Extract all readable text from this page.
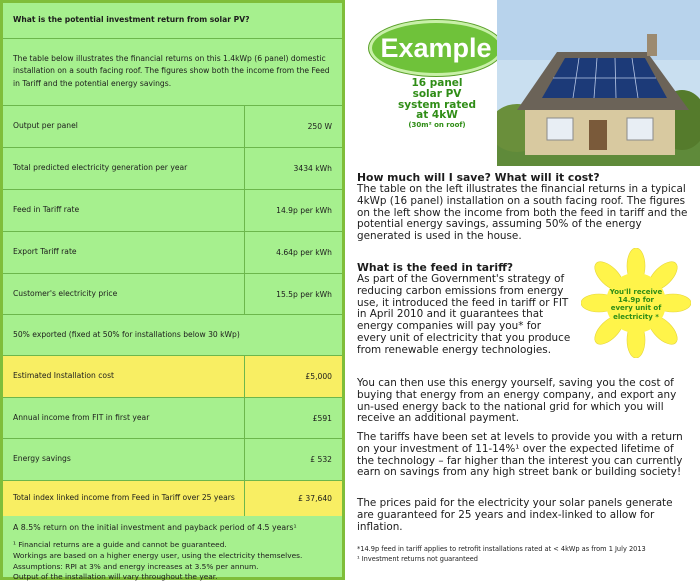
What is the potential investment return from solar PV?
The table below illustrates the financial returns on this 1.4kWp (6 panel) domestic installation on a south facing roof. The figures show both the income from the Feed in Tariff and the potential energy savings.
Output per panel	250 W
Total predicted electricity generation per year	3434 kWh
Feed in Tariff rate	14.9p per kWh
Export Tariff rate	4.64p per kWh
Customer's electricity price	15.5p per kWh
50% exported (fixed at 50% for installations below 30 kWp)
Estimated Installation cost	£5,000
Annual income from FIT in first year	£591
Energy savings	£ 532
Total index linked income from Feed in Tariff over 25 years	£ 37,640
A 8.5% return on the initial investment and payback period of 4.5 years¹
¹ Financial returns are a guide and cannot be guaranteed.
Workings are based on a higher energy user, using the electricity themselves.
Assumptions: RPI at 3% and energy increases at 3.5% per annum.
Output of the installation will vary throughout the year.
Example
16 panel
solar PV
system rated
at 4kW
(30m² on roof)
How much will I save? What will it cost?
The table on the left illustrates the financial returns in a typical 4kWp (16 panel) installation on a south facing roof. The figures on the left show the income from both the feed in tariff and the potential energy savings, assuming 50% of the energy generated is used in the house.
What is the feed in tariff?
As part of the Government's strategy of reducing carbon emissions from energy use, it introduced the feed in tariff or FIT in April 2010 and it guarantees that energy companies will pay you* for every unit of electricity that you produce from renewable energy technologies.
You'll receive
14.9p for
every unit of
electricity *
You can then use this energy yourself, saving you the cost of buying that energy from an energy company, and export any un-used energy back to the national grid for which you will receive an additional payment.
The tariffs have been set at levels to provide you with a return on your investment of 11-14%¹ over the expected lifetime of the technology – far higher than the interest you can currently earn on savings from any high street bank or building society!
The prices paid for the electricity your solar panels generate are guaranteed for 25 years and index-linked to allow for inflation.
*14.9p feed in tariff applies to retrofit installations rated at < 4kWp as from 1 July 2013
¹ Investment returns not guaranteed
